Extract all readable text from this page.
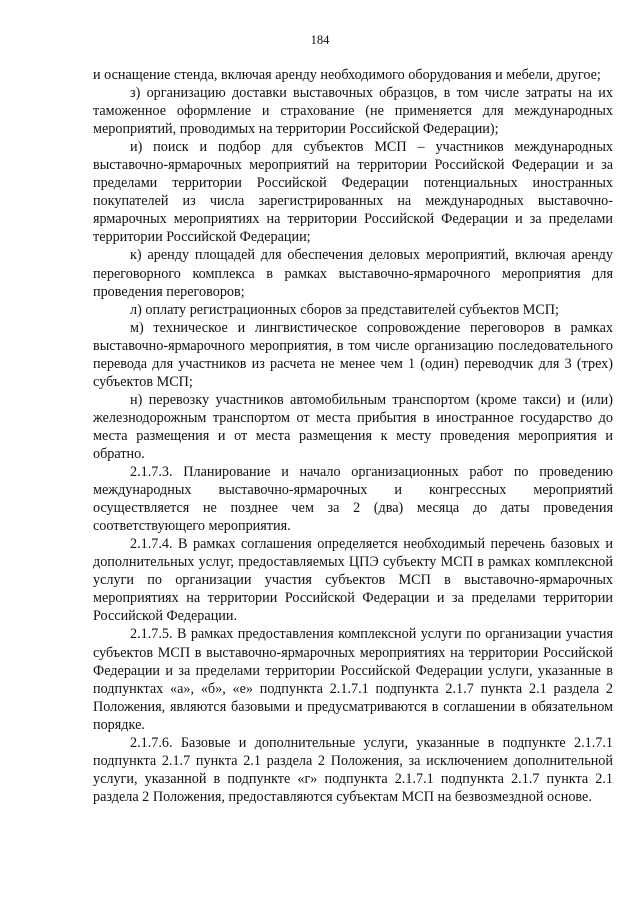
184

и оснащение стенда, включая аренду необходимого оборудования и мебели, другое;

з) организацию доставки выставочных образцов, в том числе затраты на их таможенное оформление и страхование (не применяется для международных мероприятий, проводимых на территории Российской Федерации);

и) поиск и подбор для субъектов МСП – участников международных выставочно-ярмарочных мероприятий на территории Российской Федерации и за пределами территории Российской Федерации потенциальных иностранных покупателей из числа зарегистрированных на международных выставочно-ярмарочных мероприятиях на территории Российской Федерации и за пределами территории Российской Федерации;

к) аренду площадей для обеспечения деловых мероприятий, включая аренду переговорного комплекса в рамках выставочно-ярмарочного мероприятия для проведения переговоров;

л) оплату регистрационных сборов за представителей субъектов МСП;

м) техническое и лингвистическое сопровождение переговоров в рамках выставочно-ярмарочного мероприятия, в том числе организацию последовательного перевода для участников из расчета не менее чем 1 (один) переводчик для 3 (трех) субъектов МСП;

н) перевозку участников автомобильным транспортом (кроме такси) и (или) железнодорожным транспортом от места прибытия в иностранное государство до места размещения и от места размещения к месту проведения мероприятия и обратно.

2.1.7.3. Планирование и начало организационных работ по проведению международных выставочно-ярмарочных и конгрессных мероприятий осуществляется не позднее чем за 2 (два) месяца до даты проведения соответствующего мероприятия.

2.1.7.4. В рамках соглашения определяется необходимый перечень базовых и дополнительных услуг, предоставляемых ЦПЭ субъекту МСП в рамках комплексной услуги по организации участия субъектов МСП в выставочно-ярмарочных мероприятиях на территории Российской Федерации и за пределами территории Российской Федерации.

2.1.7.5. В рамках предоставления комплексной услуги по организации участия субъектов МСП в выставочно-ярмарочных мероприятиях на территории Российской Федерации и за пределами территории Российской Федерации услуги, указанные в подпунктах «а», «б», «е» подпункта 2.1.7.1 подпункта 2.1.7 пункта 2.1 раздела 2 Положения, являются базовыми и предусматриваются в соглашении в обязательном порядке.

2.1.7.6. Базовые и дополнительные услуги, указанные в подпункте 2.1.7.1 подпункта 2.1.7 пункта 2.1 раздела 2 Положения, за исключением дополнительной услуги, указанной в подпункте «г» подпункта 2.1.7.1 подпункта 2.1.7 пункта 2.1 раздела 2 Положения, предоставляются субъектам МСП на безвозмездной основе.
